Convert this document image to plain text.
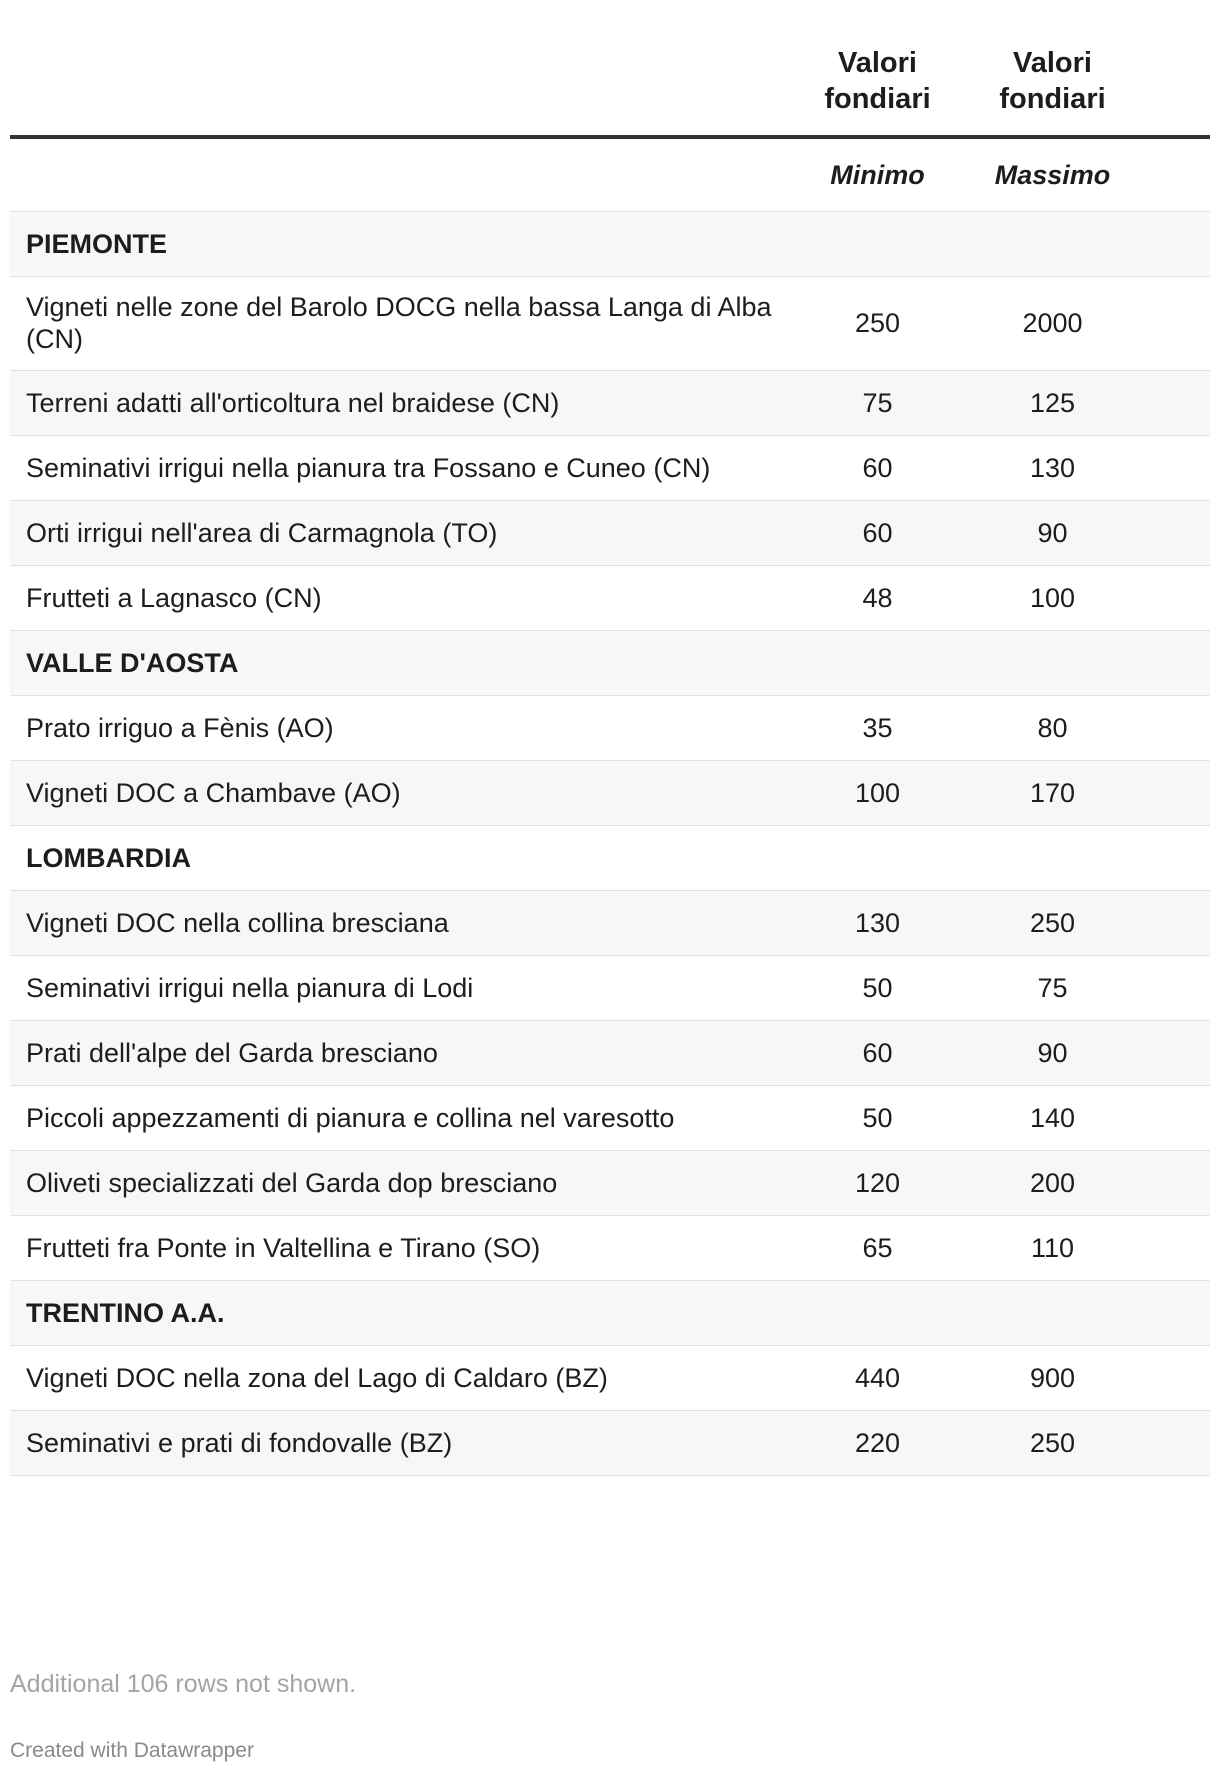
	Valori fondiari	Valori fondiari	
	Minimo	Massimo	
PIEMONTE			
Vigneti nelle zone del Barolo DOCG nella bassa Langa di Alba (CN)	250	2000	
Terreni adatti all'orticoltura nel braidese (CN)	75	125	
Seminativi irrigui nella pianura tra Fossano e Cuneo (CN)	60	130	
Orti irrigui nell'area di Carmagnola (TO)	60	90	
Frutteti a Lagnasco (CN)	48	100	
VALLE D'AOSTA			
Prato irriguo a Fènis (AO)	35	80	
Vigneti DOC a Chambave (AO)	100	170	
LOMBARDIA			
Vigneti DOC nella collina bresciana	130	250	
Seminativi irrigui nella pianura di Lodi	50	75	
Prati dell'alpe del Garda bresciano	60	90	
Piccoli appezzamenti di pianura e collina nel varesotto	50	140	
Oliveti specializzati del Garda dop bresciano	120	200	
Frutteti fra Ponte in Valtellina e Tirano (SO)	65	110	
TRENTINO A.A.			
Vigneti DOC nella zona del Lago di Caldaro (BZ)	440	900	
Seminativi e prati di fondovalle (BZ)	220	250	
Additional 106 rows not shown.
Created with Datawrapper
